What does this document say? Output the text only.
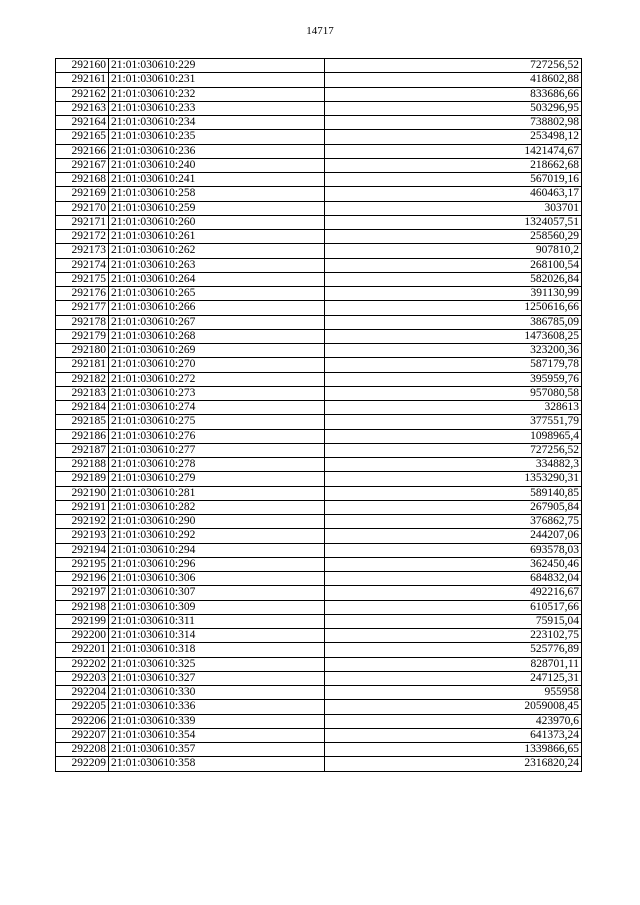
14717
292160	21:01:030610:229	727256,52
292161	21:01:030610:231	418602,88
292162	21:01:030610:232	833686,66
292163	21:01:030610:233	503296,95
292164	21:01:030610:234	738802,98
292165	21:01:030610:235	253498,12
292166	21:01:030610:236	1421474,67
292167	21:01:030610:240	218662,68
292168	21:01:030610:241	567019,16
292169	21:01:030610:258	460463,17
292170	21:01:030610:259	303701
292171	21:01:030610:260	1324057,51
292172	21:01:030610:261	258560,29
292173	21:01:030610:262	907810,2
292174	21:01:030610:263	268100,54
292175	21:01:030610:264	582026,84
292176	21:01:030610:265	391130,99
292177	21:01:030610:266	1250616,66
292178	21:01:030610:267	386785,09
292179	21:01:030610:268	1473608,25
292180	21:01:030610:269	323200,36
292181	21:01:030610:270	587179,78
292182	21:01:030610:272	395959,76
292183	21:01:030610:273	957080,58
292184	21:01:030610:274	328613
292185	21:01:030610:275	377551,79
292186	21:01:030610:276	1098965,4
292187	21:01:030610:277	727256,52
292188	21:01:030610:278	334882,3
292189	21:01:030610:279	1353290,31
292190	21:01:030610:281	589140,85
292191	21:01:030610:282	267905,84
292192	21:01:030610:290	376862,75
292193	21:01:030610:292	244207,06
292194	21:01:030610:294	693578,03
292195	21:01:030610:296	362450,46
292196	21:01:030610:306	684832,04
292197	21:01:030610:307	492216,67
292198	21:01:030610:309	610517,66
292199	21:01:030610:311	75915,04
292200	21:01:030610:314	223102,75
292201	21:01:030610:318	525776,89
292202	21:01:030610:325	828701,11
292203	21:01:030610:327	247125,31
292204	21:01:030610:330	955958
292205	21:01:030610:336	2059008,45
292206	21:01:030610:339	423970,6
292207	21:01:030610:354	641373,24
292208	21:01:030610:357	1339866,65
292209	21:01:030610:358	2316820,24
